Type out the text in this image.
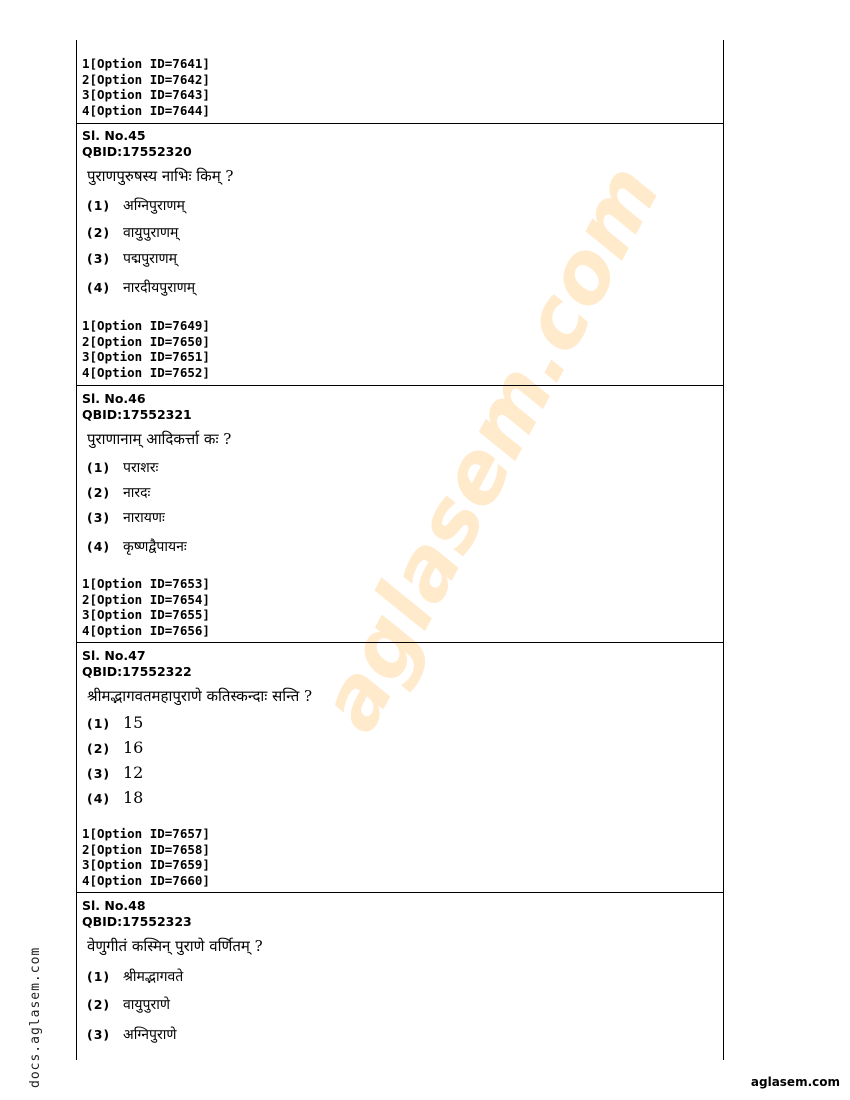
aglasem.com
1[Option ID=7641]
2[Option ID=7642]
3[Option ID=7643]
4[Option ID=7644]
Sl. No.45
QBID:17552320
पुराणपुरुषस्य नाभिः किम् ?
(1) अग्निपुराणम्
(2) वायुपुराणम्
(3) पद्मपुराणम्
(4) नारदीयपुराणम्
1[Option ID=7649]
2[Option ID=7650]
3[Option ID=7651]
4[Option ID=7652]
Sl. No.46
QBID:17552321
पुराणानाम् आदिकर्त्ता कः ?
(1) पराशरः
(2) नारदः
(3) नारायणः
(4) कृष्णद्वैपायनः
1[Option ID=7653]
2[Option ID=7654]
3[Option ID=7655]
4[Option ID=7656]
Sl. No.47
QBID:17552322
श्रीमद्भागवतमहापुराणे कतिस्कन्दाः सन्ति ?
(1) 15
(2) 16
(3) 12
(4) 18
1[Option ID=7657]
2[Option ID=7658]
3[Option ID=7659]
4[Option ID=7660]
Sl. No.48
QBID:17552323
वेणुगीतं कस्मिन् पुराणे वर्णितम् ?
(1) श्रीमद्भागवते
(2) वायुपुराणे
(3) अग्निपुराणे
docs.aglasem.com	aglasem.com
